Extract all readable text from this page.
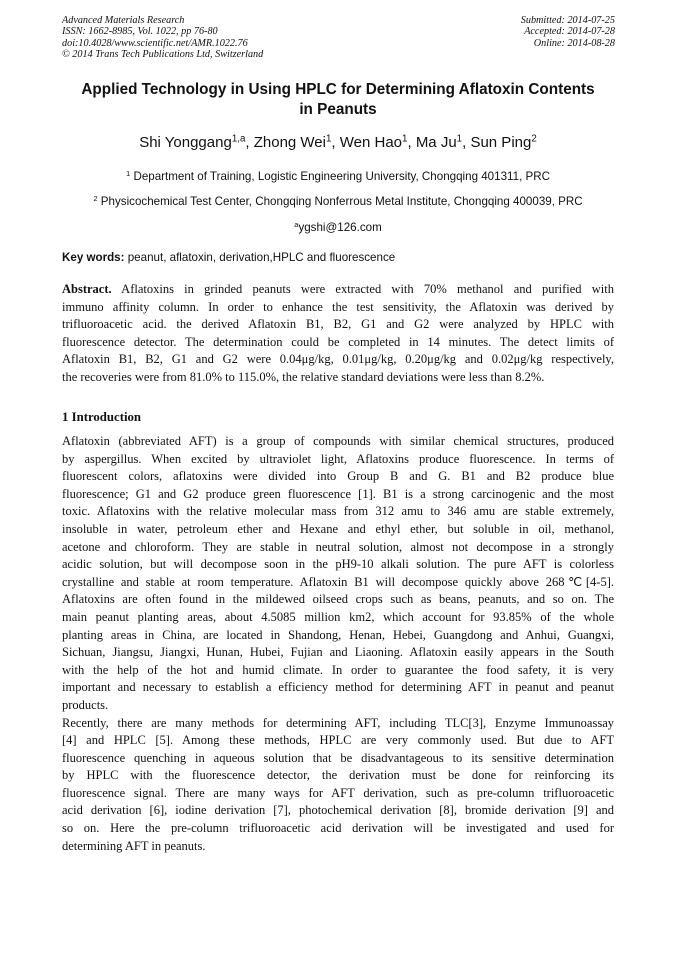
Advanced Materials Research
ISSN: 1662-8985, Vol. 1022, pp 76-80
doi:10.4028/www.scientific.net/AMR.1022.76
© 2014 Trans Tech Publications Ltd, Switzerland
Submitted: 2014-07-25
Accepted: 2014-07-28
Online: 2014-08-28
Applied Technology in Using HPLC for Determining Aflatoxin Contents
in Peanuts
Shi Yonggang$^{1,a}$, Zhong Wei$^1$, Wen Hao$^1$, Ma Ju$^1$, Sun Ping$^2$
$^1$ Department of Training, Logistic Engineering University, Chongqing 401311, PRC
$^2$ Physicochemical Test Center, Chongqing Nonferrous Metal Institute, Chongqing 400039, PRC
$^a$ygshi@126.com
Key words: peanut, aflatoxin, derivation,HPLC and fluorescence
Abstract. Aflatoxins in grinded peanuts were extracted with 70% methanol and purified with
immuno affinity column. In order to enhance the test sensitivity, the Aflatoxin was derived by
trifluoroacetic acid. the derived Aflatoxin B1, B2, G1 and G2 were analyzed by HPLC with
fluorescence detector. The determination could be completed in 14 minutes. The detect limits of
Aflatoxin B1, B2, G1 and G2 were 0.04μg/kg, 0.01μg/kg, 0.20μg/kg and 0.02μg/kg respectively,
the recoveries were from 81.0% to 115.0%, the relative standard deviations were less than 8.2%.
1 Introduction
Aflatoxin (abbreviated AFT) is a group of compounds with similar chemical structures, produced
by aspergillus. When excited by ultraviolet light, Aflatoxins produce fluorescence. In terms of
fluorescent colors, aflatoxins were divided into Group B and G. B1 and B2 produce blue
fluorescence; G1 and G2 produce green fluorescence [1]. B1 is a strong carcinogenic and the most
toxic. Aflatoxins with the relative molecular mass from 312 amu to 346 amu are stable extremely,
insoluble in water, petroleum ether and Hexane and ethyl ether, but soluble in oil, methanol,
acetone and chloroform. They are stable in neutral solution, almost not decompose in a strongly
acidic solution, but will decompose soon in the pH9-10 alkali solution. The pure AFT is colorless
crystalline and stable at room temperature. Aflatoxin B1 will decompose quickly above 268℃[4-5].
Aflatoxins are often found in the mildewed oilseed crops such as beans, peanuts, and so on. The
main peanut planting areas, about 4.5085 million km2, which account for 93.85% of the whole
planting areas in China, are located in Shandong, Henan, Hebei, Guangdong and Anhui, Guangxi,
Sichuan, Jiangsu, Jiangxi, Hunan, Hubei, Fujian and Liaoning. Aflatoxin easily appears in the South
with the help of the hot and humid climate. In order to guarantee the food safety, it is very
important and necessary to establish a efficiency method for determining AFT in peanut and peanut
products.
Recently, there are many methods for determining AFT, including TLC[3], Enzyme Immunoassay
[4] and HPLC [5]. Among these methods, HPLC are very commonly used. But due to AFT
fluorescence quenching in aqueous solution that be disadvantageous to its sensitive determination
by HPLC with the fluorescence detector, the derivation must be done for reinforcing its
fluorescence signal. There are many ways for AFT derivation, such as pre-column trifluoroacetic
acid derivation [6], iodine derivation [7], photochemical derivation [8], bromide derivation [9] and
so on. Here the pre-column trifluoroacetic acid derivation will be investigated and used for
determining AFT in peanuts.
